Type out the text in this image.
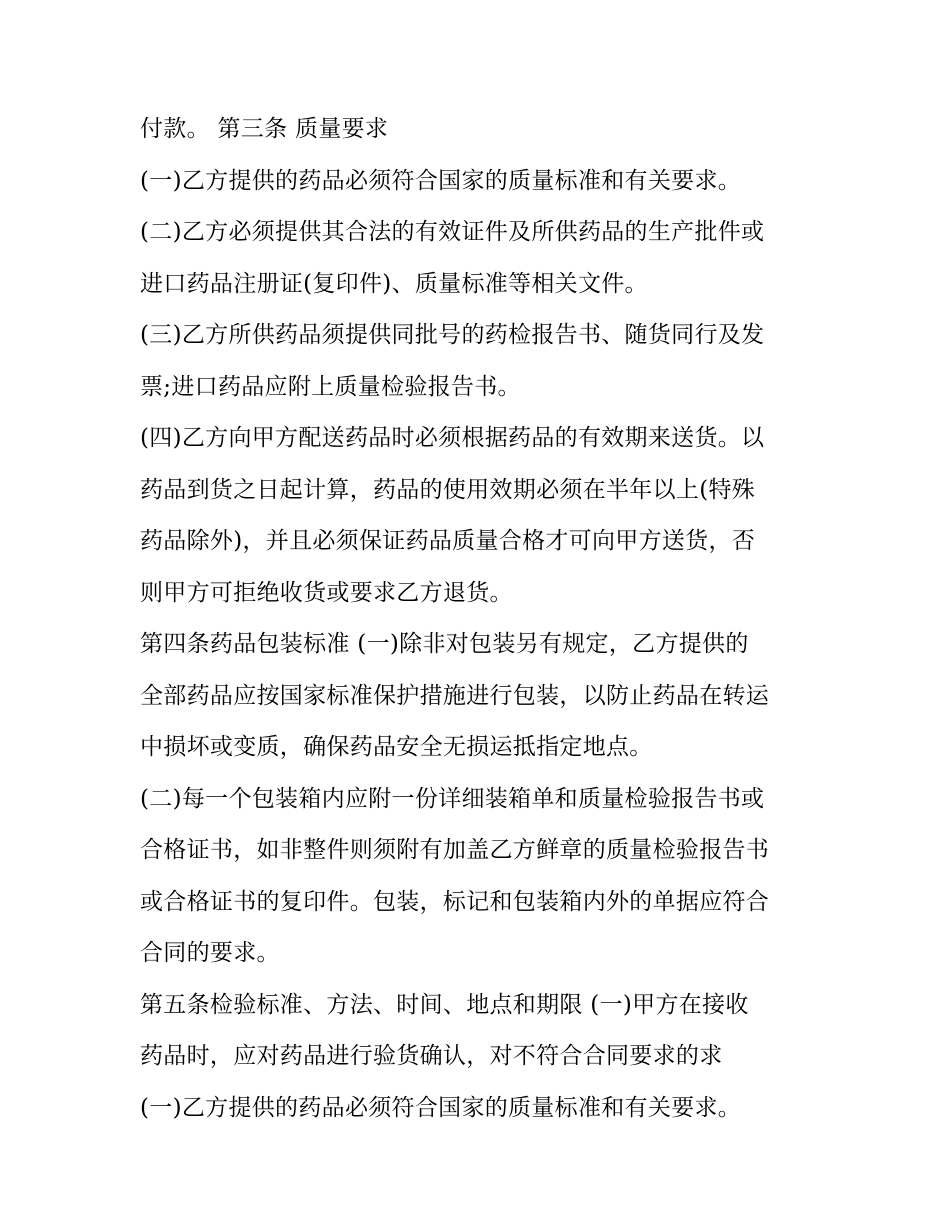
付款。 第三条 质量要求
(一)乙方提供的药品必须符合国家的质量标准和有关要求。
(二)乙方必须提供其合法的有效证件及所供药品的生产批件或
进口药品注册证(复印件)、质量标准等相关文件。
(三)乙方所供药品须提供同批号的药检报告书、随货同行及发
票;进口药品应附上质量检验报告书。
(四)乙方向甲方配送药品时必须根据药品的有效期来送货。以
药品到货之日起计算，药品的使用效期必须在半年以上(特殊
药品除外)，并且必须保证药品质量合格才可向甲方送货，否
则甲方可拒绝收货或要求乙方退货。
第四条药品包装标准 (一)除非对包装另有规定，乙方提供的
全部药品应按国家标准保护措施进行包装，以防止药品在转运
中损坏或变质，确保药品安全无损运抵指定地点。
(二)每一个包装箱内应附一份详细装箱单和质量检验报告书或
合格证书，如非整件则须附有加盖乙方鲜章的质量检验报告书
或合格证书的复印件。包装，标记和包装箱内外的单据应符合
合同的要求。
第五条检验标准、方法、时间、地点和期限 (一)甲方在接收
药品时，应对药品进行验货确认，对不符合合同要求的求
(一)乙方提供的药品必须符合国家的质量标准和有关要求。
